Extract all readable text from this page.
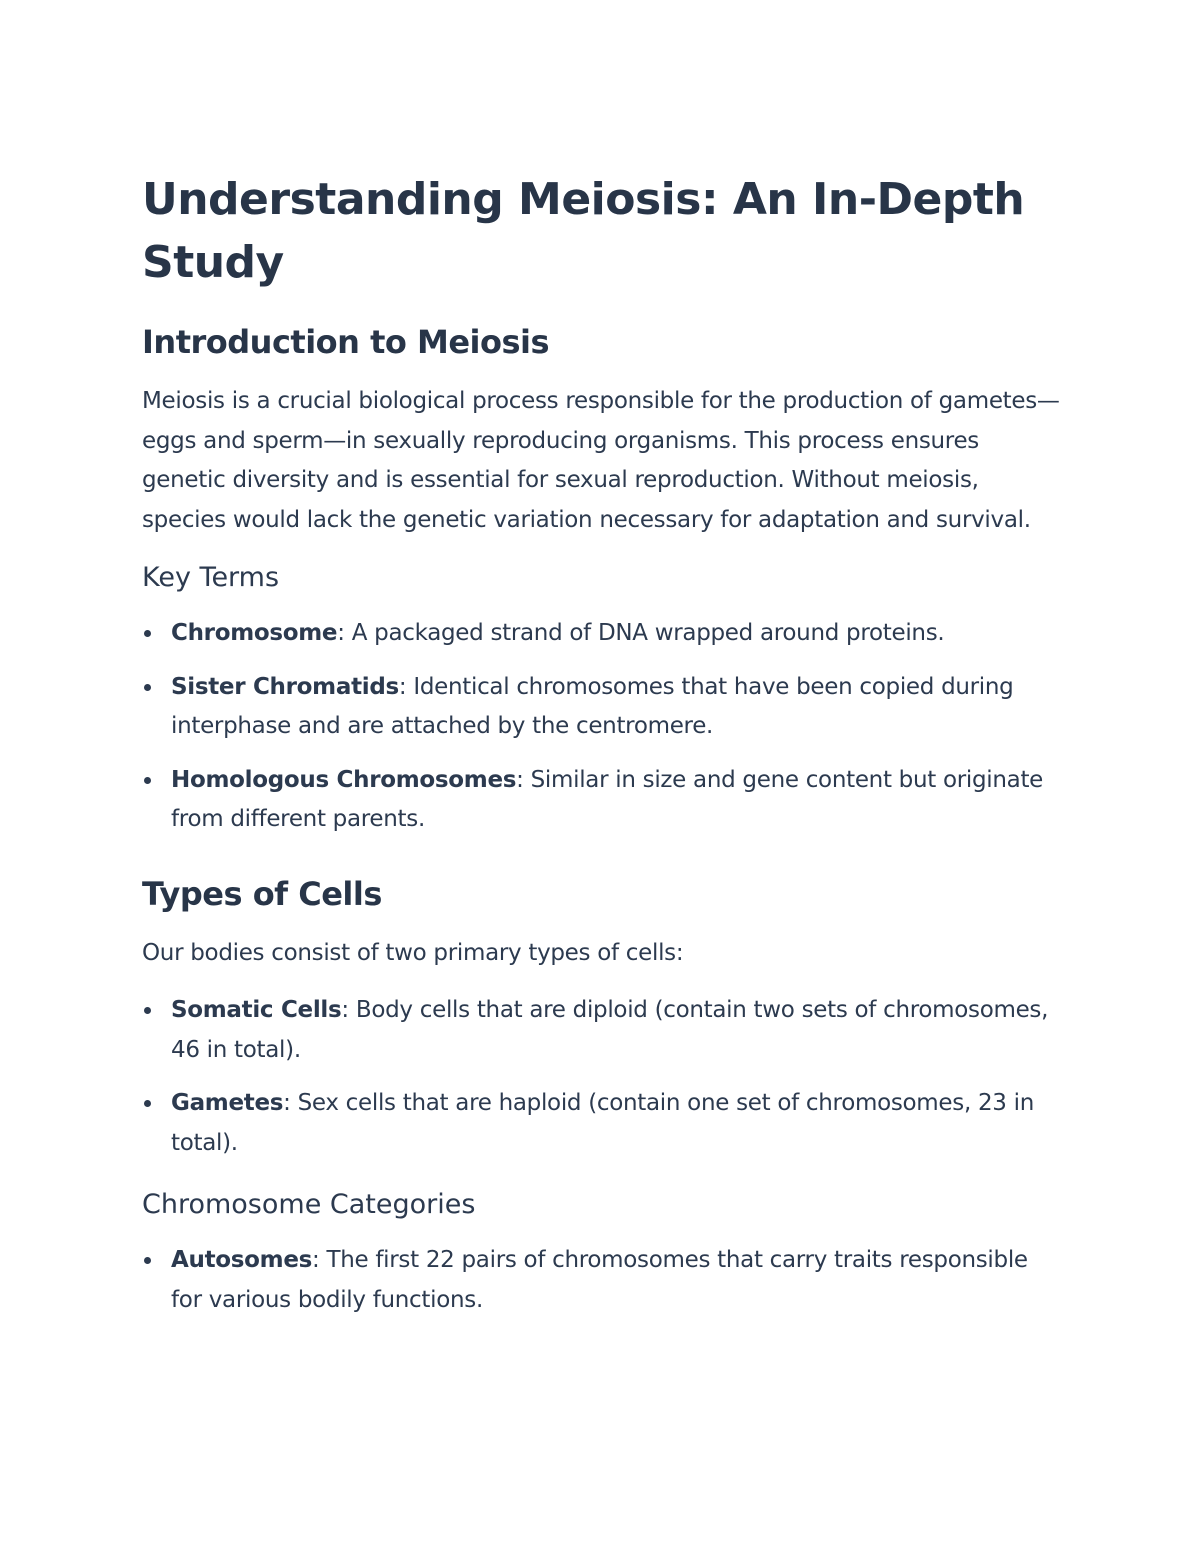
Understanding Meiosis: An In-Depth Study
Introduction to Meiosis

Meiosis is a crucial biological process responsible for the production of gametes—eggs and sperm—in sexually reproducing organisms. This process ensures genetic diversity and is essential for sexual reproduction. Without meiosis, species would lack the genetic variation necessary for adaptation and survival.

Key Terms
Chromosome: A packaged strand of DNA wrapped around proteins.
Sister Chromatids: Identical chromosomes that have been copied during interphase and are attached by the centromere.
Homologous Chromosomes: Similar in size and gene content but originate from different parents.
Types of Cells

Our bodies consist of two primary types of cells:

Somatic Cells: Body cells that are diploid (contain two sets of chromosomes, 46 in total).
Gametes: Sex cells that are haploid (contain one set of chromosomes, 23 in total).
Chromosome Categories
Autosomes: The first 22 pairs of chromosomes that carry traits responsible for various bodily functions.
